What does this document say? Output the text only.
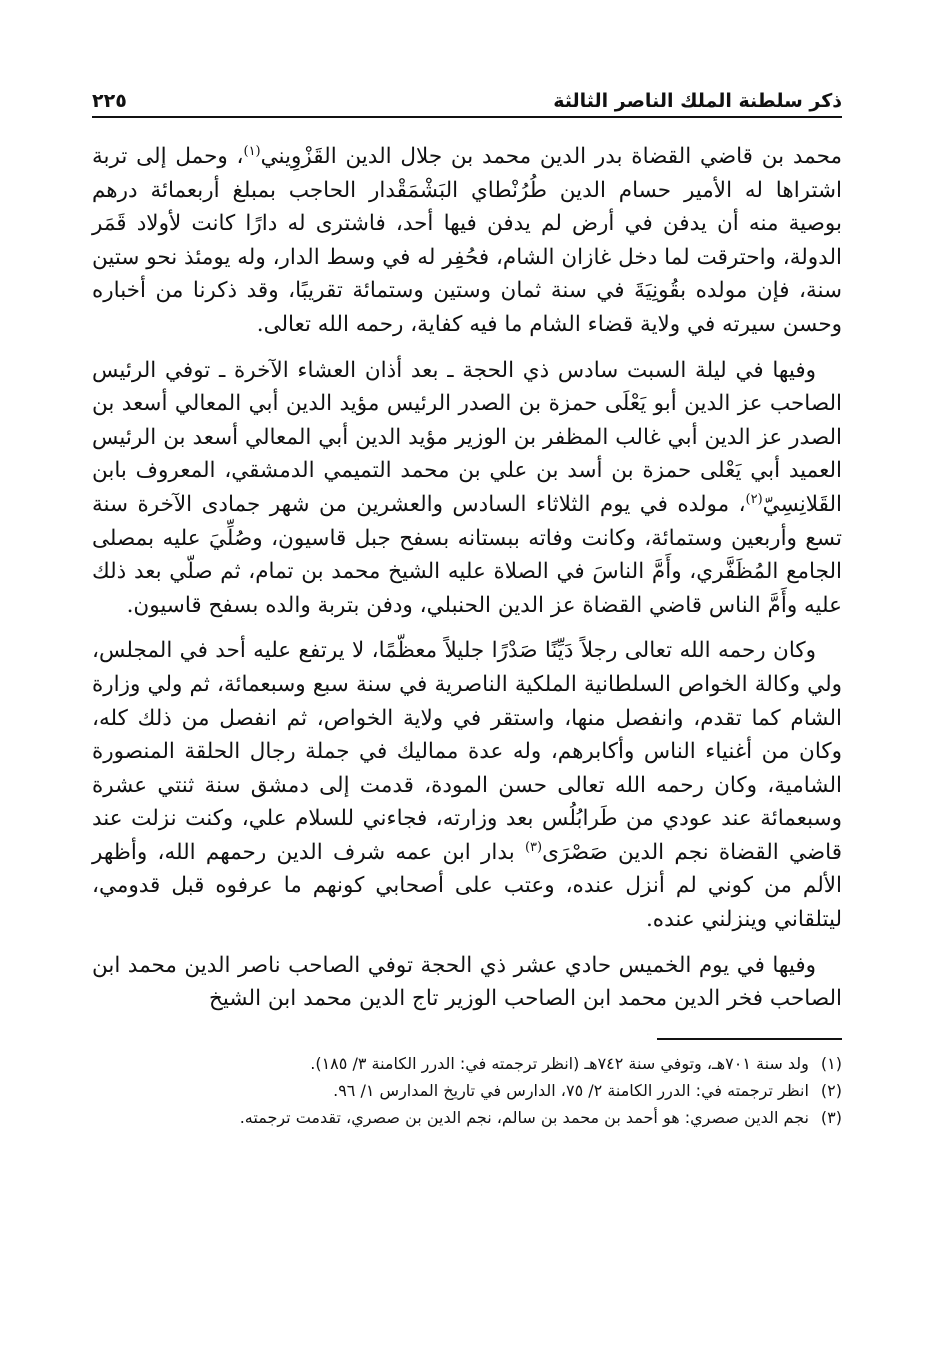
ذكر سلطنة الملك الناصر الثالثة
٢٢٥

محمد بن قاضي القضاة بدر الدين محمد بن جلال الدين القَزْوِيني$^{(١)}$، وحمل إلى تربة اشتراها له الأمير حسام الدين طُرُنْطاي البَشْمَقْدار الحاجب بمبلغ أربعمائة درهم بوصية منه أن يدفن في أرض لم يدفن فيها أحد، فاشترى له دارًا كانت لأولاد قَمَر الدولة، واحترقت لما دخل غازان الشام، فحُفِر له في وسط الدار، وله يومئذ نحو ستين سنة، فإن مولده بقُونِيَةَ في سنة ثمان وستين وستمائة تقريبًا، وقد ذكرنا من أخباره وحسن سيرته في ولاية قضاء الشام ما فيه كفاية، رحمه الله تعالى.

وفيها في ليلة السبت سادس ذي الحجة ـ بعد أذان العشاء الآخرة ـ توفي الرئيس الصاحب عز الدين أبو يَعْلَى حمزة بن الصدر الرئيس مؤيد الدين أبي المعالي أسعد بن الصدر عز الدين أبي غالب المظفر بن الوزير مؤيد الدين أبي المعالي أسعد بن الرئيس العميد أبي يَعْلى حمزة بن أسد بن علي بن محمد التميمي الدمشقي، المعروف بابن القَلانِسِيّ$^{(٢)}$، مولده في يوم الثلاثاء السادس والعشرين من شهر جمادى الآخرة سنة تسع وأربعين وستمائة، وكانت وفاته ببستانه بسفح جبل قاسيون، وصُلِّيَ عليه بمصلى الجامع المُظَفَّري، وأَمَّ الناسَ في الصلاة عليه الشيخ محمد بن تمام، ثم صلّي بعد ذلك عليه وأَمَّ الناس قاضي القضاة عز الدين الحنبلي، ودفن بتربة والده بسفح قاسيون.

وكان رحمه الله تعالى رجلاً دَيِّنًا صَدْرًا جليلاً معظّمًا، لا يرتفع عليه أحد في المجلس، ولي وكالة الخواص السلطانية الملكية الناصرية في سنة سبع وسبعمائة، ثم ولي وزارة الشام كما تقدم، وانفصل منها، واستقر في ولاية الخواص، ثم انفصل من ذلك كله، وكان من أغنياء الناس وأكابرهم، وله عدة مماليك في جملة رجال الحلقة المنصورة الشامية، وكان رحمه الله تعالى حسن المودة، قدمت إلى دمشق سنة ثنتي عشرة وسبعمائة عند عودي من طَرابُلُس بعد وزارته، فجاءني للسلام علي، وكنت نزلت عند قاضي القضاة نجم الدين صَصْرَى$^{(٣)}$ بدار ابن عمه شرف الدين رحمهم الله، وأظهر الألم من كوني لم أنزل عنده، وعتب على أصحابي كونهم ما عرفوه قبل قدومي، ليتلقاني وينزلني عنده.

وفيها في يوم الخميس حادي عشر ذي الحجة توفي الصاحب ناصر الدين محمد ابن الصاحب فخر الدين محمد ابن الصاحب الوزير تاج الدين محمد ابن الشيخ

(١)
ولد سنة ٧٠١هـ، وتوفي سنة ٧٤٢هـ (انظر ترجمته في: الدرر الكامنة ٣/ ١٨٥).
(٢)
انظر ترجمته في: الدرر الكامنة ٢/ ٧٥، الدارس في تاريخ المدارس ١/ ٩٦.
(٣)
نجم الدين صصري: هو أحمد بن محمد بن سالم، نجم الدين بن صصري، تقدمت ترجمته.
